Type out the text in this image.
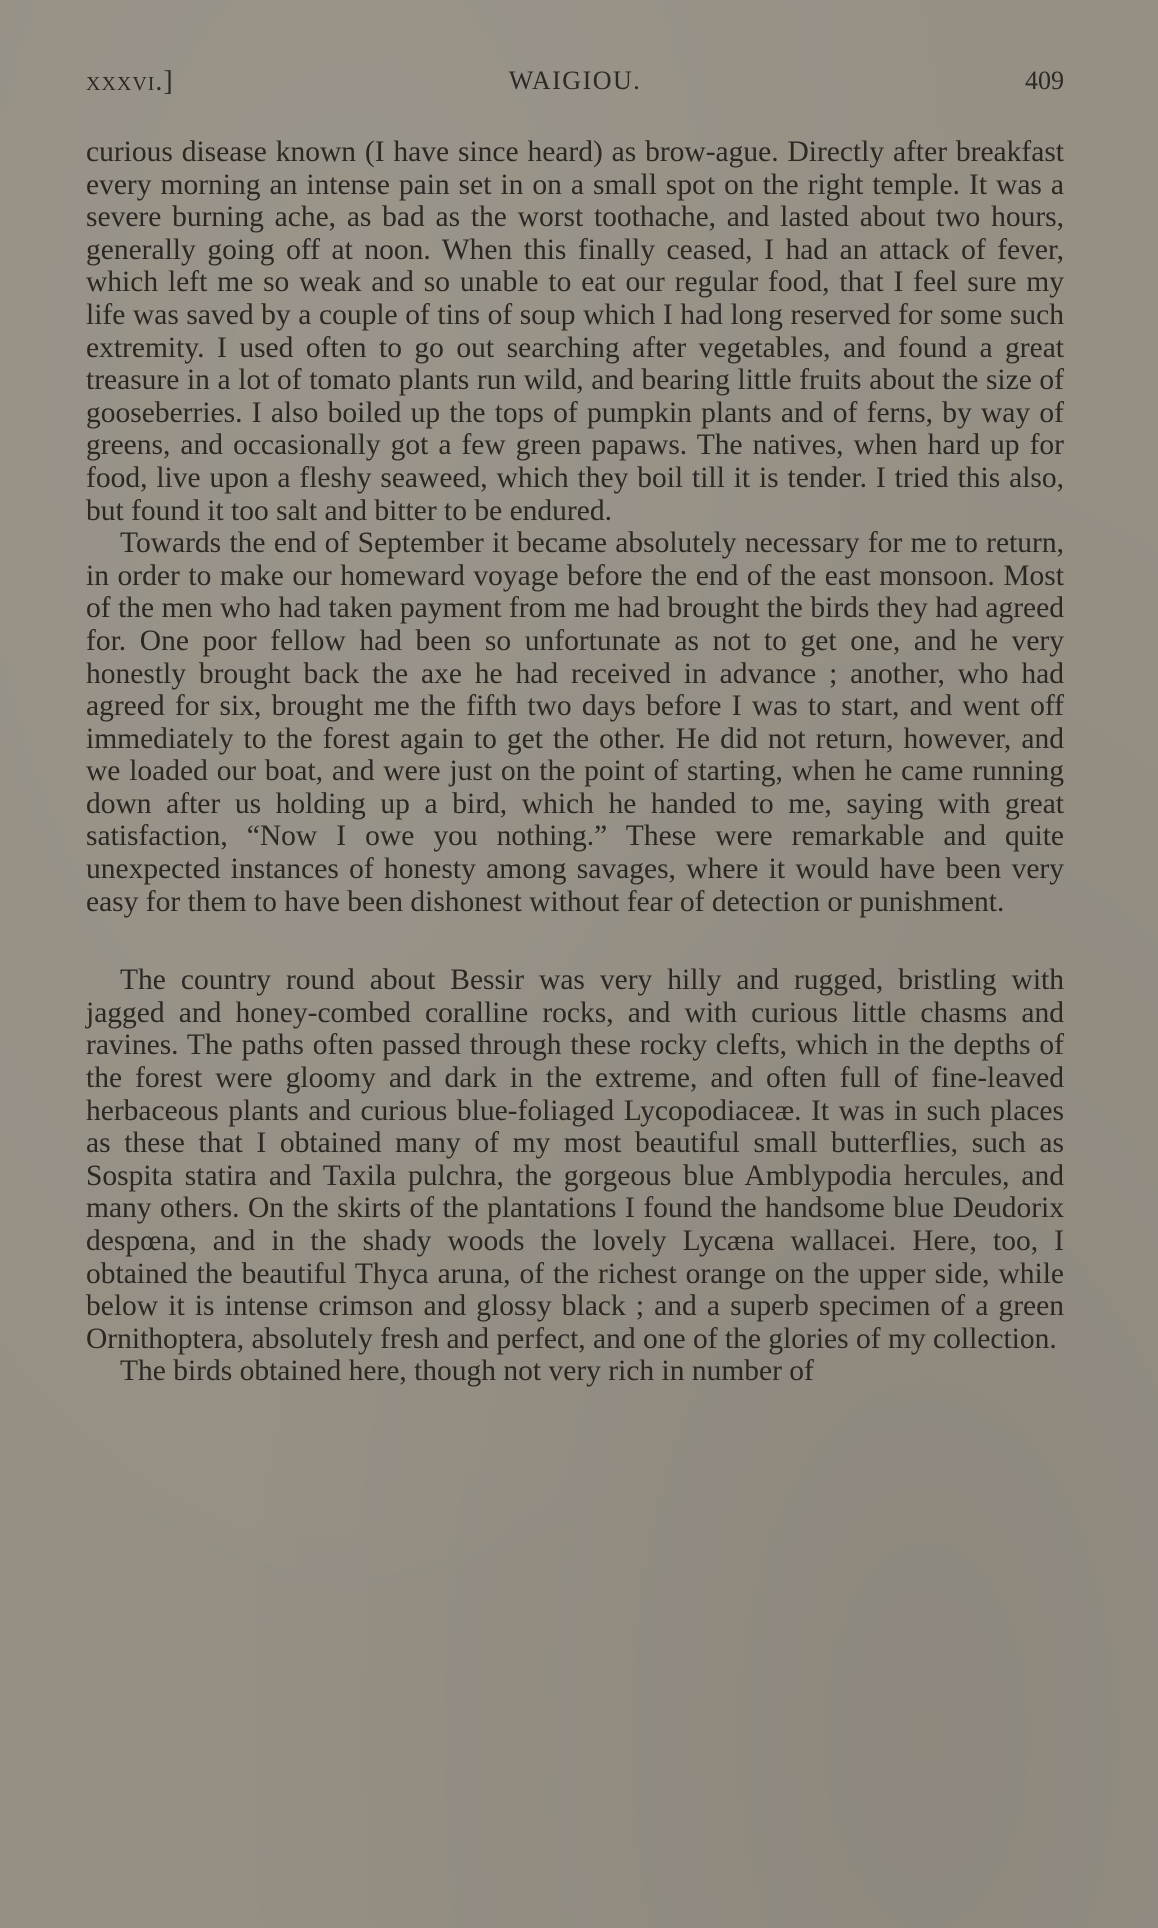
xxxvi.]	WAIGIOU.	409

curious disease known (I have since heard) as brow-ague. Directly after breakfast every morning an intense pain set in on a small spot on the right temple. It was a severe burning ache, as bad as the worst toothache, and lasted about two hours, generally going off at noon. When this finally ceased, I had an attack of fever, which left me so weak and so unable to eat our regular food, that I feel sure my life was saved by a couple of tins of soup which I had long reserved for some such extremity. I used often to go out searching after vegetables, and found a great treasure in a lot of tomato plants run wild, and bearing little fruits about the size of gooseberries. I also boiled up the tops of pumpkin plants and of ferns, by way of greens, and occasionally got a few green papaws. The natives, when hard up for food, live upon a fleshy seaweed, which they boil till it is tender. I tried this also, but found it too salt and bitter to be endured.

Towards the end of September it became absolutely necessary for me to return, in order to make our homeward voyage before the end of the east monsoon. Most of the men who had taken payment from me had brought the birds they had agreed for. One poor fellow had been so unfortunate as not to get one, and he very honestly brought back the axe he had received in advance ; another, who had agreed for six, brought me the fifth two days before I was to start, and went off immediately to the forest again to get the other. He did not return, however, and we loaded our boat, and were just on the point of starting, when he came running down after us holding up a bird, which he handed to me, saying with great satisfaction, “Now I owe you nothing.” These were remarkable and quite unexpected instances of honesty among savages, where it would have been very easy for them to have been dishonest without fear of detection or punishment.

The country round about Bessir was very hilly and rugged, bristling with jagged and honey-combed coralline rocks, and with curious little chasms and ravines. The paths often passed through these rocky clefts, which in the depths of the forest were gloomy and dark in the extreme, and often full of fine-leaved herbaceous plants and curious blue-foliaged Lycopodiaceæ. It was in such places as these that I obtained many of my most beautiful small butterflies, such as Sospita statira and Taxila pulchra, the gorgeous blue Amblypodia hercules, and many others. On the skirts of the plantations I found the handsome blue Deudorix despœna, and in the shady woods the lovely Lycæna wallacei. Here, too, I obtained the beautiful Thyca aruna, of the richest orange on the upper side, while below it is intense crimson and glossy black ; and a superb specimen of a green Ornithoptera, absolutely fresh and perfect, and one of the glories of my collection.

The birds obtained here, though not very rich in number of
